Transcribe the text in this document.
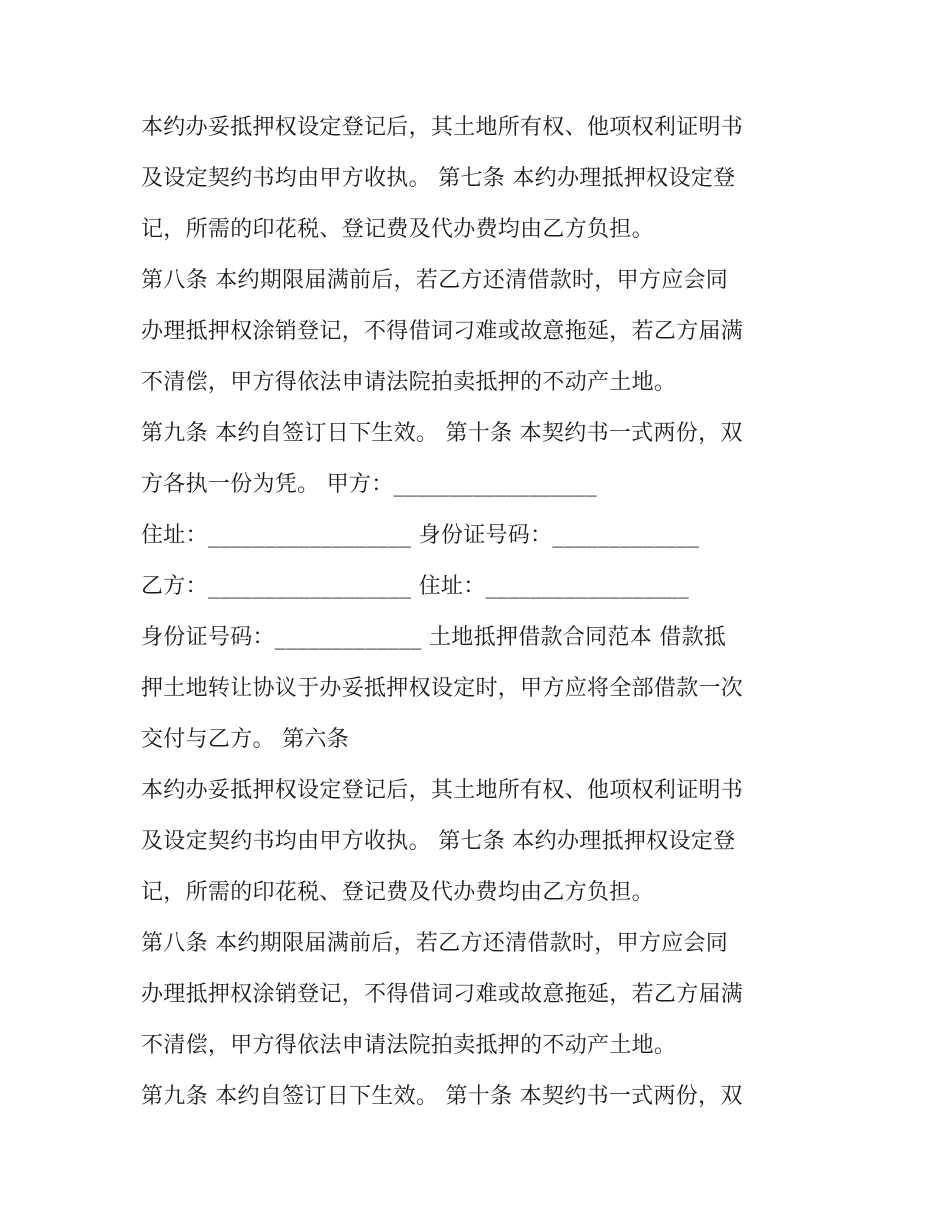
本约办妥抵押权设定登记后，其土地所有权、他项权利证明书

及设定契约书均由甲方收执。 第七条 本约办理抵押权设定登

记，所需的印花税、登记费及代办费均由乙方负担。

第八条 本约期限届满前后，若乙方还清借款时，甲方应会同

办理抵押权涂销登记，不得借词刁难或故意拖延，若乙方届满

不清偿，甲方得依法申请法院拍卖抵押的不动产土地。

第九条 本约自签订日下生效。 第十条 本契约书一式两份，双

方各执一份为凭。 甲方：__________________

住址：__________________ 身份证号码：_____________

乙方：__________________ 住址：__________________

身份证号码：_____________ 土地抵押借款合同范本 借款抵

押土地转让协议于办妥抵押权设定时，甲方应将全部借款一次

交付与乙方。 第六条

本约办妥抵押权设定登记后，其土地所有权、他项权利证明书

及设定契约书均由甲方收执。 第七条 本约办理抵押权设定登

记，所需的印花税、登记费及代办费均由乙方负担。

第八条 本约期限届满前后，若乙方还清借款时，甲方应会同

办理抵押权涂销登记，不得借词刁难或故意拖延，若乙方届满

不清偿，甲方得依法申请法院拍卖抵押的不动产土地。

第九条 本约自签订日下生效。 第十条 本契约书一式两份，双
